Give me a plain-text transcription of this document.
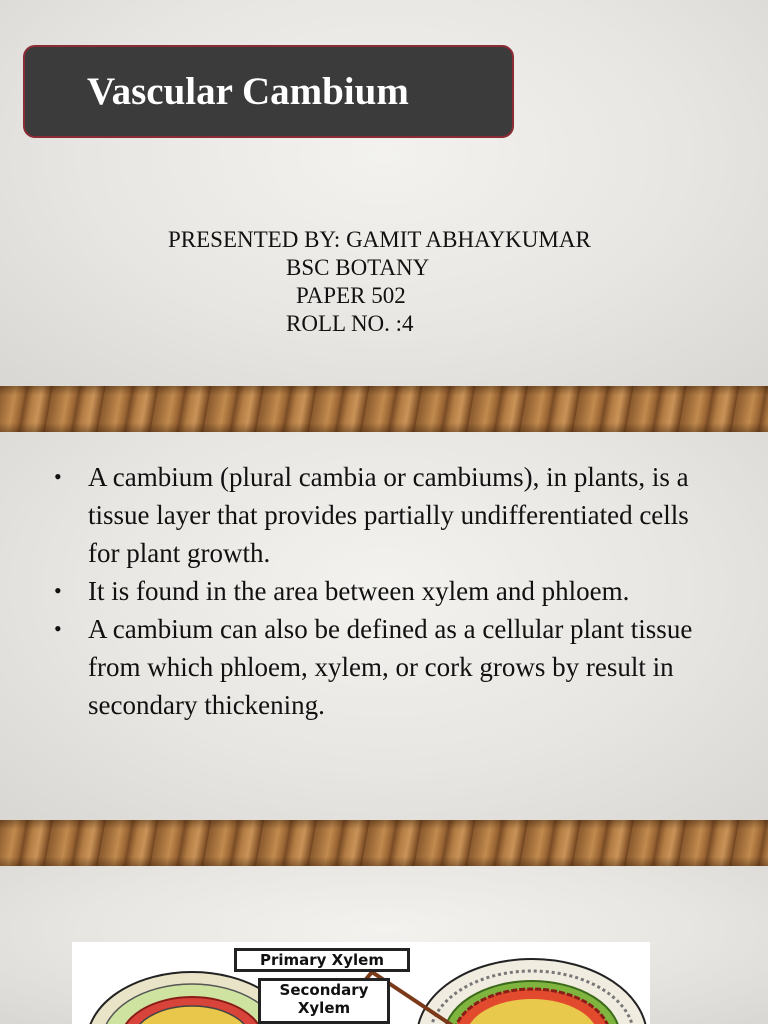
Vascular Cambium
PRESENTED BY: GAMIT ABHAYKUMAR
BSC BOTANY
PAPER 502
ROLL NO. :4
• A cambium (plural cambia or cambiums), in plants, is a tissue layer that provides partially undifferentiated cells for plant growth.
• It is found in the area between xylem and phloem.
• A cambium can also be defined as a cellular plant tissue from which phloem, xylem, or cork grows by result in secondary thickening.
Primary Xylem
Secondary
Xylem
